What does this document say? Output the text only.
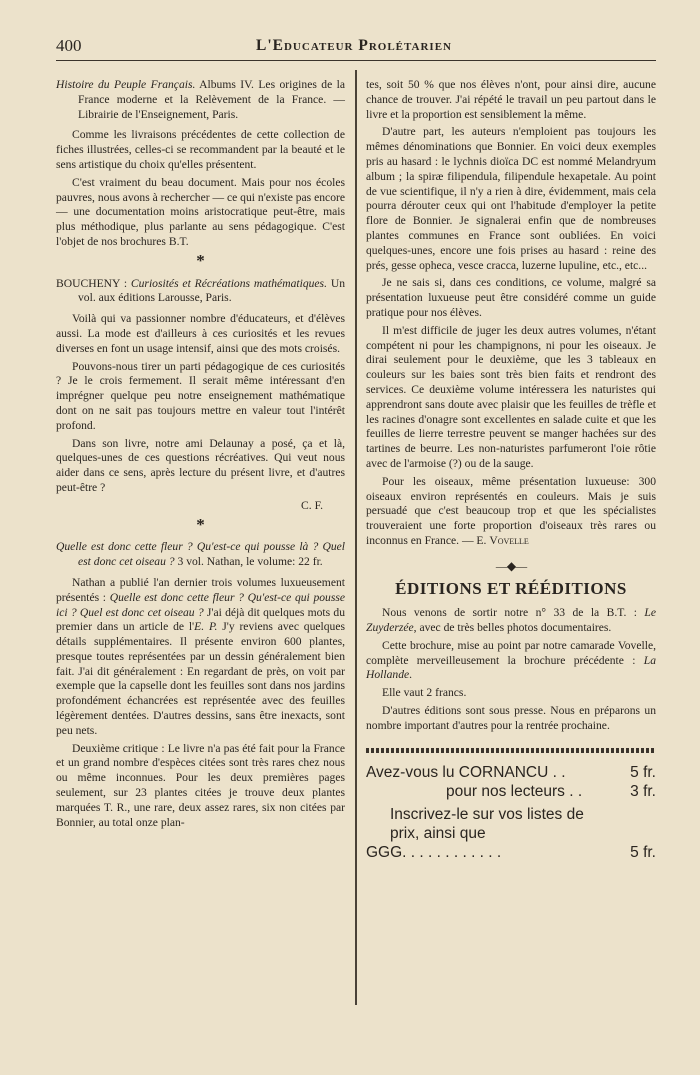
400	L'Educateur Prolétarien

Histoire du Peuple Français. Albums IV. Les origines de la France moderne et la Relèvement de la France. — Librairie de l'Enseignement, Paris.

Comme les livraisons précédentes de cette collection de fiches illustrées, celles-ci se recommandent par la beauté et le sens artistique du choix qu'elles présentent.

C'est vraiment du beau document. Mais pour nos écoles pauvres, nous avons à rechercher — ce qui n'existe pas encore — une documentation moins aristocratique peut-être, mais plus méthodique, plus parlante au sens pédagogique. C'est l'objet de nos brochures B.T.

*

BOUCHENY : Curiosités et Récréations mathématiques. Un vol. aux éditions Larousse, Paris.

Voilà qui va passionner nombre d'éducateurs, et d'élèves aussi. La mode est d'ailleurs à ces curiosités et les revues diverses en font un usage intensif, ainsi que des mots croisés.

Pouvons-nous tirer un parti pédagogique de ces curiosités ? Je le crois fermement. Il serait même intéressant d'en imprégner quelque peu notre enseignement mathématique dont on ne sait pas toujours mettre en valeur tout l'intérêt profond.

Dans son livre, notre ami Delaunay a posé, ça et là, quelques-unes de ces questions récréatives. Qui veut nous aider dans ce sens, après lecture du présent livre, et d'autres peut-être ?

C. F.
*

Quelle est donc cette fleur ? Qu'est-ce qui pousse là ? Quel est donc cet oiseau ? 3 vol. Nathan, le volume: 22 fr.

Nathan a publié l'an dernier trois volumes luxueusement présentés : Quelle est donc cette fleur ? Qu'est-ce qui pousse ici ? Quel est donc cet oiseau ? J'ai déjà dit quelques mots du premier dans un article de l'E. P. J'y reviens avec quelques détails supplémentaires. Il présente environ 600 plantes, presque toutes représentées par un dessin généralement bien fait. J'ai dit généralement : En regardant de près, on voit par exemple que la capselle dont les feuilles sont dans nos jardins profondément échancrées est représentée avec des feuilles légèrement dentées. D'autres dessins, sans être inexacts, sont peu nets.

Deuxième critique : Le livre n'a pas été fait pour la France et un grand nombre d'espèces citées sont très rares chez nous ou même inconnues. Pour les deux premières pages seulement, sur 23 plantes citées je trouve deux plantes marquées T. R., une rare, deux assez rares, six non citées par Bonnier, au total onze plan-

tes, soit 50 % que nos élèves n'ont, pour ainsi dire, aucune chance de trouver. J'ai répété le travail un peu partout dans le livre et la proportion est sensiblement la même.

D'autre part, les auteurs n'emploient pas toujours les mêmes dénominations que Bonnier. En voici deux exemples pris au hasard : le lychnis dioïca DC est nommé Melandryum album ; la spiræ filipendula, filipendule hexapetale. Au point de vue scientifique, il n'y a rien à dire, évidemment, mais cela pourra dérouter ceux qui ont l'habitude d'employer la petite flore de Bonnier. Je signalerai enfin que de nombreuses plantes communes en France sont oubliées. En voici quelques-unes, encore une fois prises au hasard : reine des prés, gesse opheca, vesce cracca, luzerne lupuline, etc., etc...

Je ne sais si, dans ces conditions, ce volume, malgré sa présentation luxueuse peut être considéré comme un guide pratique pour nos élèves.

Il m'est difficile de juger les deux autres volumes, n'étant compétent ni pour les champignons, ni pour les oiseaux. Je dirai seulement pour le deuxième, que les 3 tableaux en couleurs sur les baies sont très bien faits et rendront des services. Ce deuxième volume intéressera les naturistes qui apprendront sans doute avec plaisir que les feuilles de trèfle et les racines d'onagre sont excellentes en salade cuite et que les feuilles de lierre terrestre peuvent se manger hachées sur des tartines de beurre. Les non-naturistes parfumeront l'oie rôtie avec de l'armoise (?) ou de la sauge.

Pour les oiseaux, même présentation luxueuse: 300 oiseaux environ représentés en couleurs. Mais je suis persuadé que c'est beaucoup trop et que les spécialistes trouveraient une forte proportion d'oiseaux très rares ou inconnus en France. — E. Vovelle

—◆—
ÉDITIONS ET RÉÉDITIONS

Nous venons de sortir notre n° 33 de la B.T. : Le Zuyderzée, avec de très belles photos documentaires.

Cette brochure, mise au point par notre camarade Vovelle, complète merveilleusement la brochure précédente : La Hollande.

Elle vaut 2 francs.

D'autres éditions sont sous presse. Nous en préparons un nombre important d'autres pour la rentrée prochaine.

Avez-vous lu CORNANCU . .	5 fr.
pour nos lecteurs . .	3 fr.
Inscrivez-le sur vos listes de
prix, ainsi que
GGG. . . . . . . . . . . .	5 fr.
